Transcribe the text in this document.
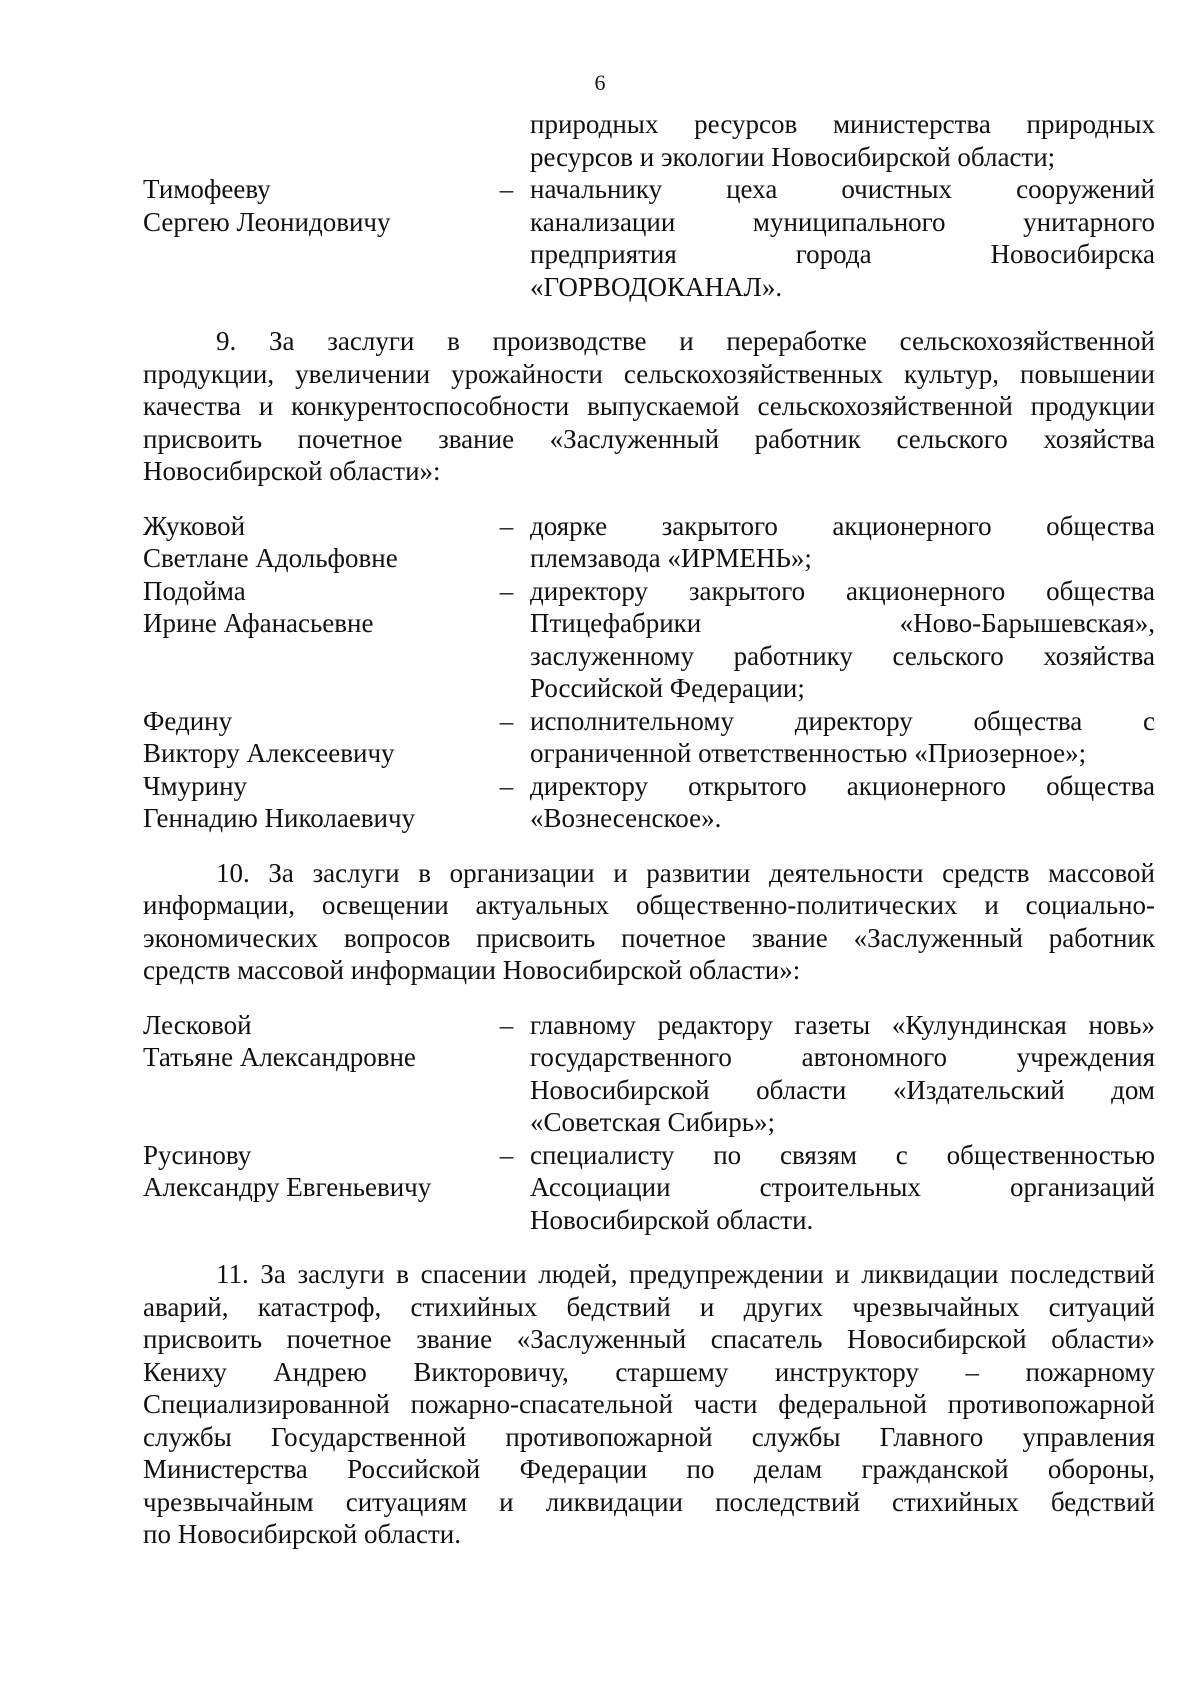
6
природных ресурсов министерства природных
ресурсов и экологии Новосибирской области;
Тимофееву
Сергею Леонидовичу
– начальнику цеха очистных сооружений
канализации муниципального унитарного
предприятия города Новосибирска
«ГОРВОДОКАНАЛ».
9. За заслуги в производстве и переработке сельскохозяйственной
продукции, увеличении урожайности сельскохозяйственных культур, повышении
качества и конкурентоспособности выпускаемой сельскохозяйственной продукции
присвоить почетное звание «Заслуженный работник сельского хозяйства
Новосибирской области»:
Жуковой
Светлане Адольфовне
– доярке закрытого акционерного общества
племзавода «ИРМЕНЬ»;
Подойма
Ирине Афанасьевне
– директору закрытого акционерного общества
Птицефабрики «Ново-Барышевская»,
заслуженному работнику сельского хозяйства
Российской Федерации;
Федину
Виктору Алексеевичу
– исполнительному директору общества с
ограниченной ответственностью «Приозерное»;
Чмурину
Геннадию Николаевичу
– директору открытого акционерного общества
«Вознесенское».
10. За заслуги в организации и развитии деятельности средств массовой
информации, освещении актуальных общественно-политических и социально-
экономических вопросов присвоить почетное звание «Заслуженный работник
средств массовой информации Новосибирской области»:
Лесковой
Татьяне Александровне
– главному редактору газеты «Кулундинская новь»
государственного автономного учреждения
Новосибирской области «Издательский дом
«Советская Сибирь»;
Русинову
Александру Евгеньевичу
– специалисту по связям с общественностью
Ассоциации строительных организаций
Новосибирской области.
11. За заслуги в спасении людей, предупреждении и ликвидации последствий
аварий, катастроф, стихийных бедствий и других чрезвычайных ситуаций
присвоить почетное звание «Заслуженный спасатель Новосибирской области»
Кениху Андрею Викторовичу, старшему инструктору – пожарному
Специализированной пожарно-спасательной части федеральной противопожарной
службы Государственной противопожарной службы Главного управления
Министерства Российской Федерации по делам гражданской обороны,
чрезвычайным ситуациям и ликвидации последствий стихийных бедствий
по Новосибирской области.
